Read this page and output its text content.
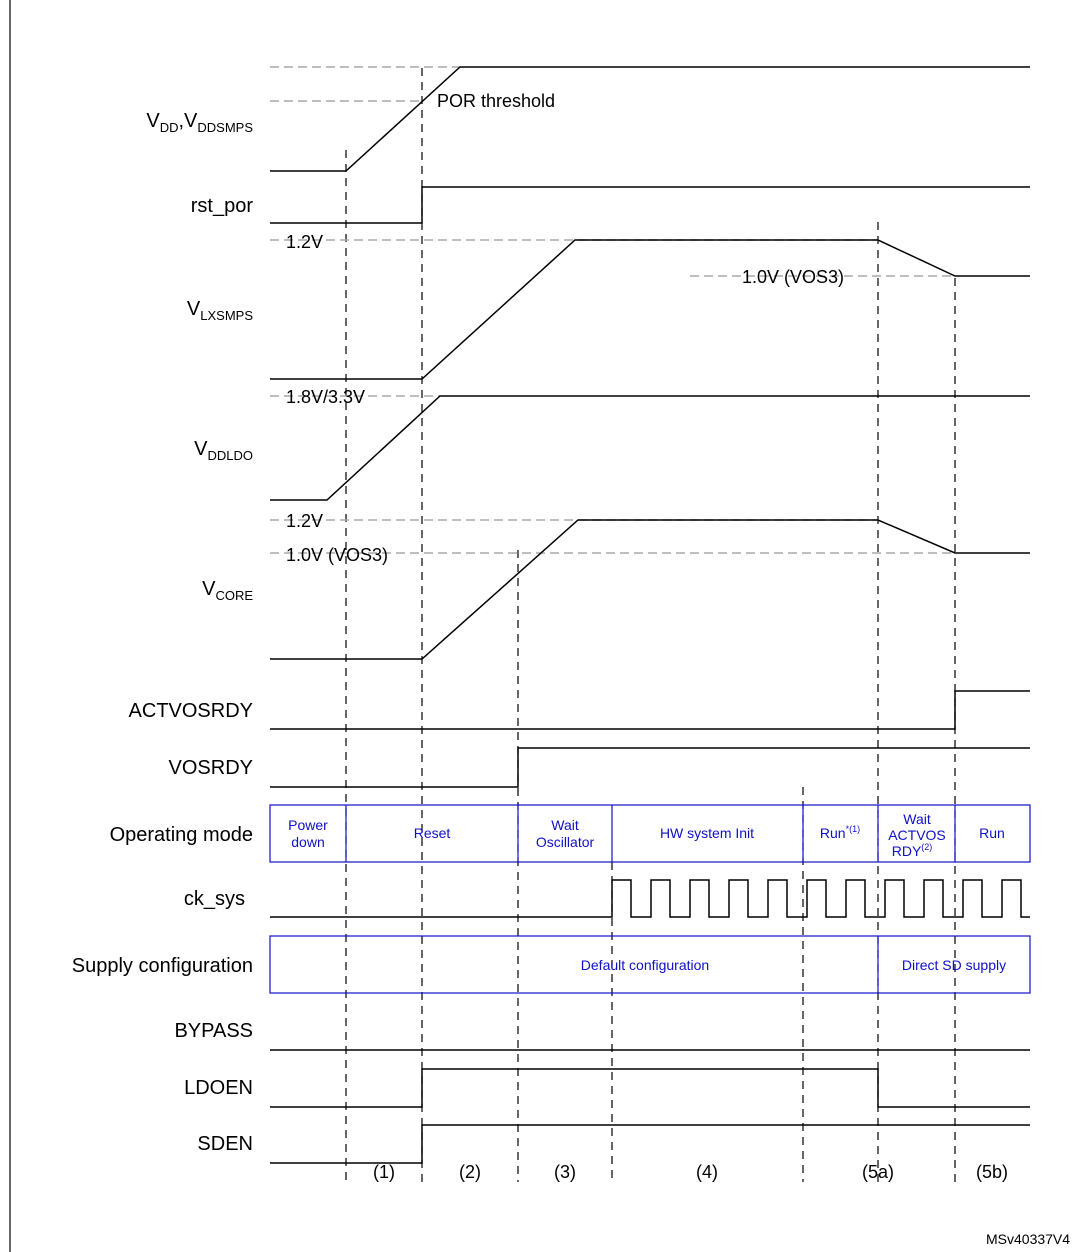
$V_{DD},V_{DDSMPS}$
rst_por
$V_{LXSMPS}$
$V_{DDLDO}$
$V_{CORE}$
ACTVOSRDY
VOSRDY
Operating mode
ck_sys
Supply configuration
BYPASS
LDOEN
SDEN
POR threshold
1.2V
1.0V (VOS3)
1.8V/3.3V
1.2V
1.0V (VOS3)
Power down
Reset	Wait Oscillator
HW system Init	Run$^{*(1)}$
Wait ACTVOS RDY$^{(2)}$
Run
Default configuration	Direct SD supply
(1)	(2)	(3)	(4)	(5a)	(5b)
MSv40337V4
